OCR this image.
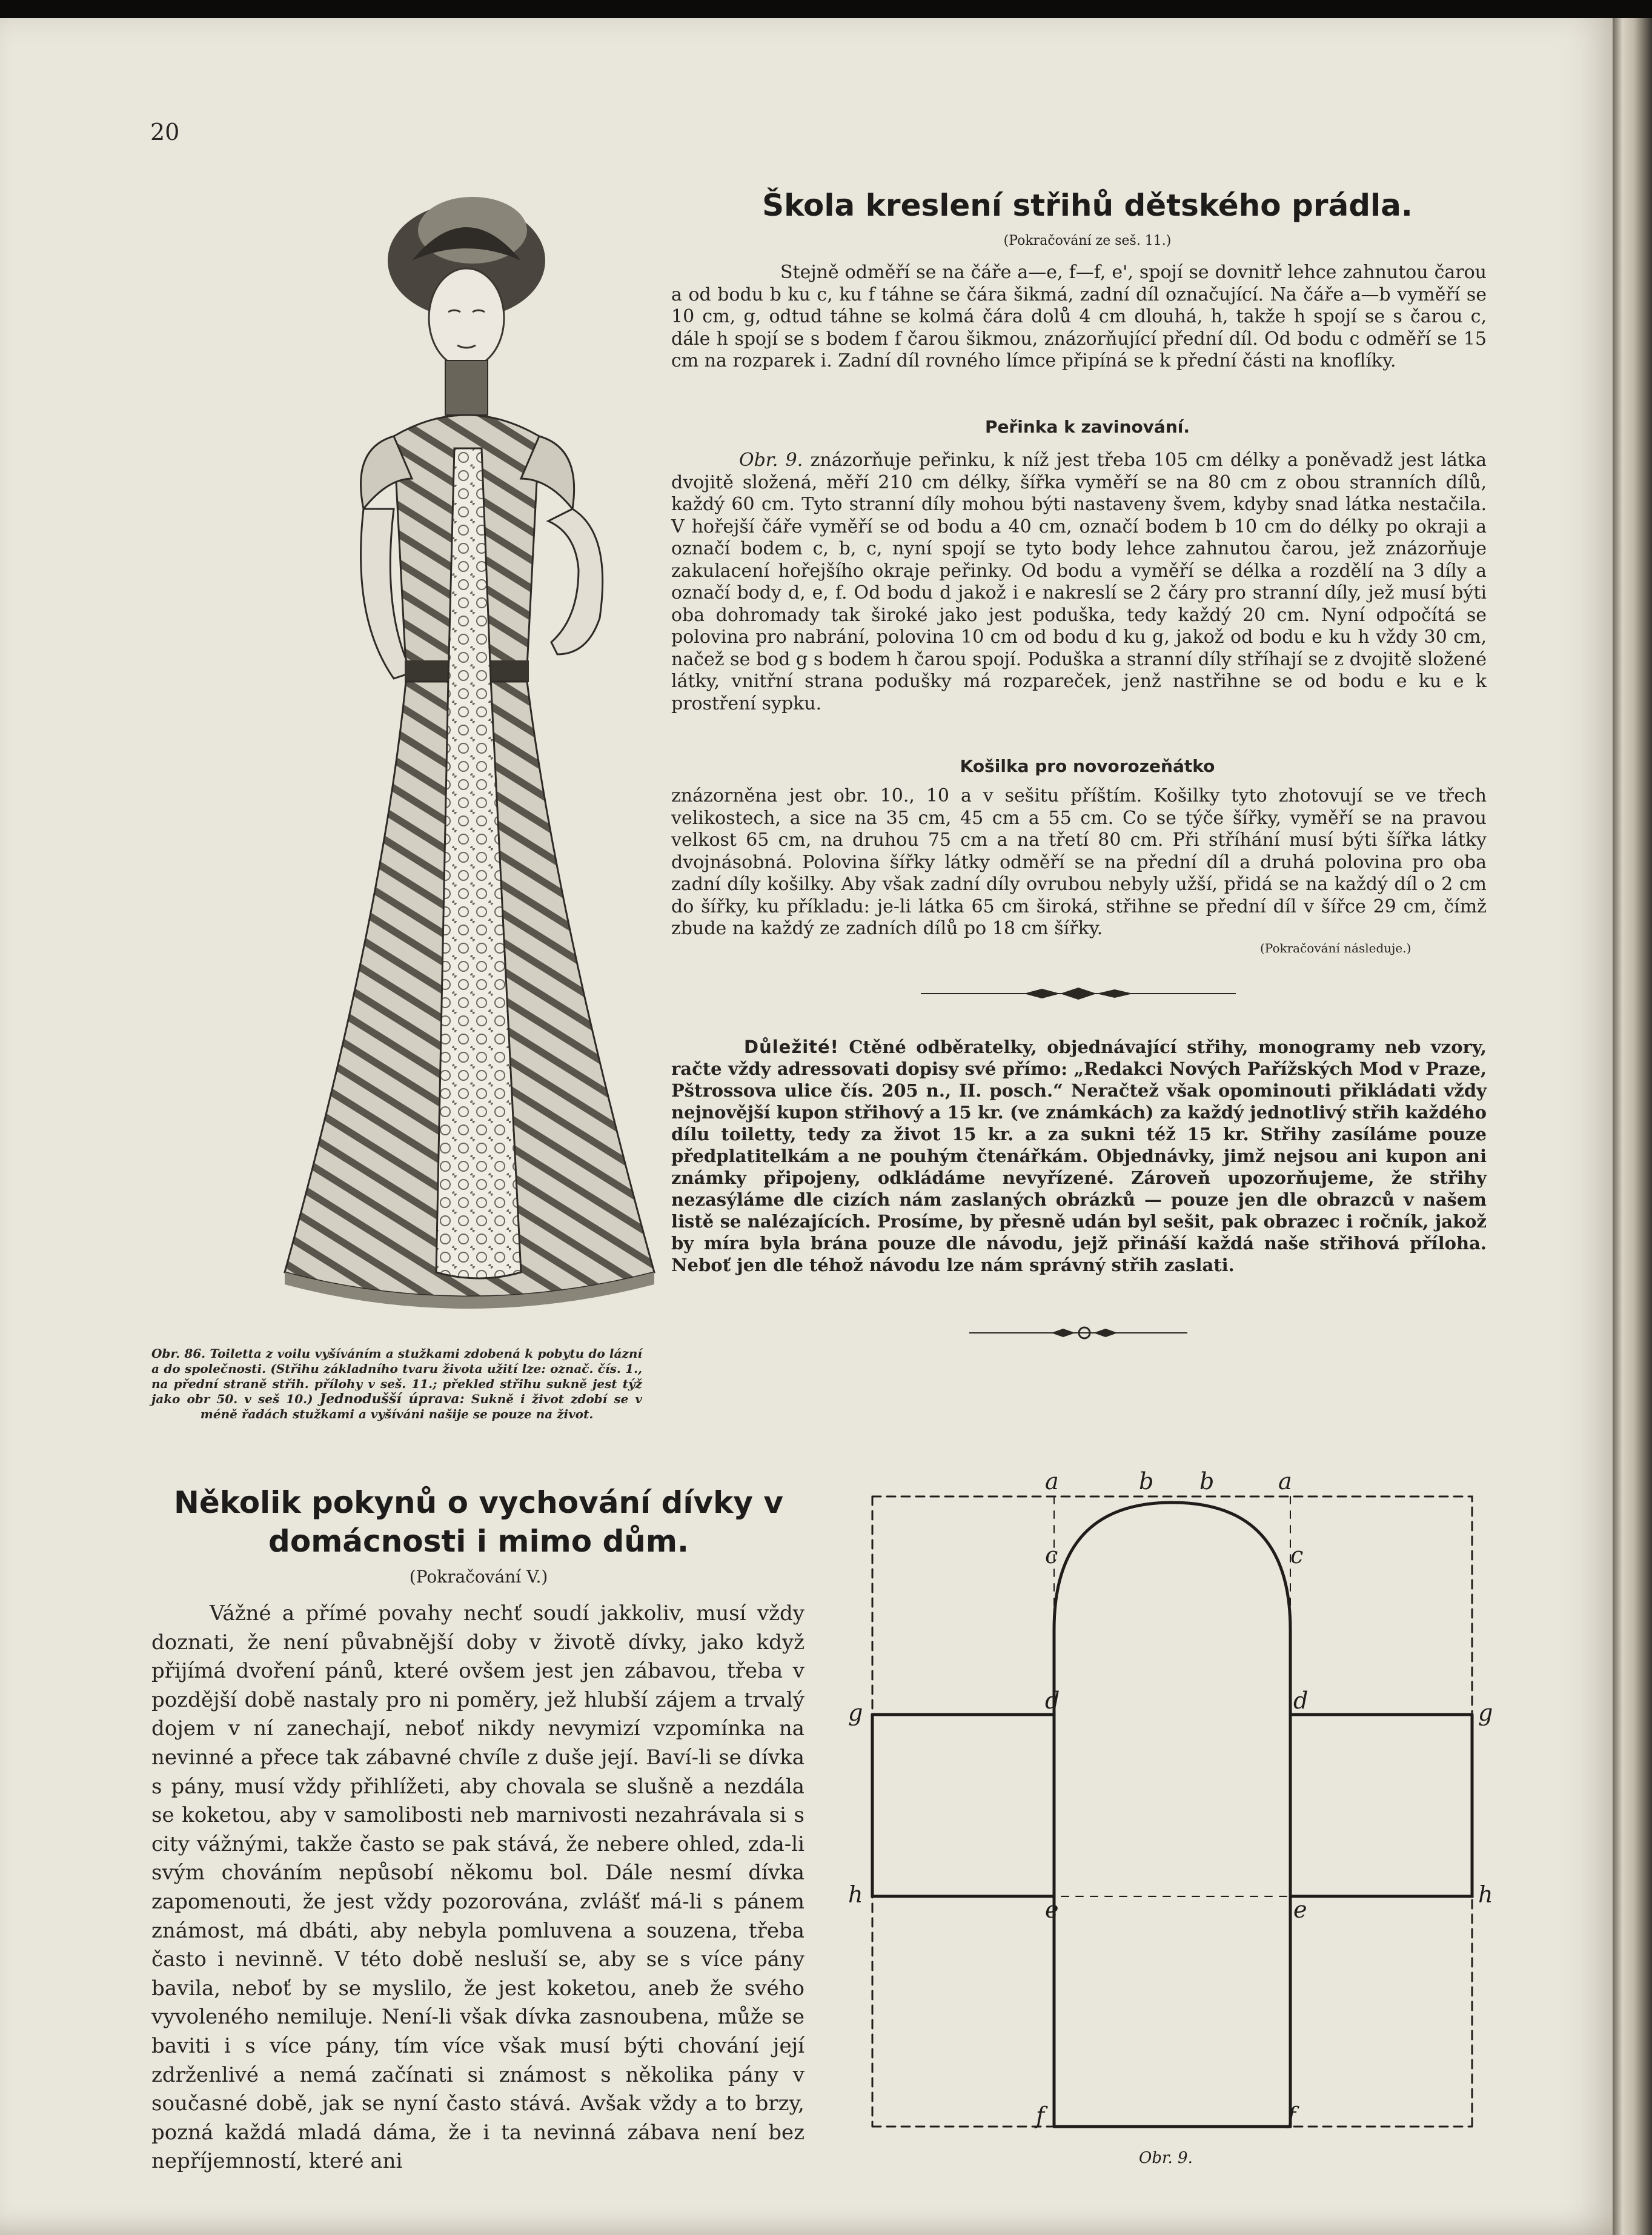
20
Škola kreslení střihů dětského prádla.
(Pokračování ze seš. 11.)
Stejně odměří se na čáře a—e, f—f, e', spojí se dovnitř lehce zahnutou čarou a od bodu b ku c, ku f táhne se čára šikmá, zadní díl označující. Na čáře a—b vyměří se 10 cm, g, odtud táhne se kolmá čára dolů 4 cm dlouhá, h, takže h spojí se s čarou c, dále h spojí se s bodem f čarou šikmou, znázorňující přední díl. Od bodu c odměří se 15 cm na rozparek i. Zadní díl rovného límce připíná se k přední části na knoflíky.
Peřinka k zavinování.
Obr. 9. znázorňuje peřinku, k níž jest třeba 105 cm délky a poněvadž jest látka dvojitě složená, měří 210 cm délky, šířka vyměří se na 80 cm z obou stranních dílů, každý 60 cm. Tyto stranní díly mohou býti nastaveny švem, kdyby snad látka nestačila. V hořejší čáře vyměří se od bodu a 40 cm, označí bodem b 10 cm do délky po okraji a označí bodem c, b, c, nyní spojí se tyto body lehce zahnutou čarou, jež znázorňuje zakulacení hořejšího okraje peřinky. Od bodu a vyměří se délka a rozdělí na 3 díly a označí body d, e, f. Od bodu d jakož i e nakreslí se 2 čáry pro stranní díly, jež musí býti oba dohromady tak široké jako jest poduška, tedy každý 20 cm. Nyní odpočítá se polovina pro nabrání, polovina 10 cm od bodu d ku g, jakož od bodu e ku h vždy 30 cm, načež se bod g s bodem h čarou spojí. Poduška a stranní díly stříhají se z dvojitě složené látky, vnitřní strana podušky má rozpareček, jenž nastřihne se od bodu e ku e k prostření sypku.
Košilka pro novorozeňátko
znázorněna jest obr. 10., 10 a v sešitu příštím. Košilky tyto zhotovují se ve třech velikostech, a sice na 35 cm, 45 cm a 55 cm. Co se týče šířky, vyměří se na pravou velkost 65 cm, na druhou 75 cm a na třetí 80 cm. Při stříhání musí býti šířka látky dvojnásobná. Polovina šířky látky odměří se na přední díl a druhá polovina pro oba zadní díly košilky. Aby však zadní díly ovrubou nebyly užší, přidá se na každý díl o 2 cm do šířky, ku příkladu: je-li látka 65 cm široká, střihne se přední díl v šířce 29 cm, čímž zbude na každý ze zadních dílů po 18 cm šířky.
(Pokračování následuje.)
Důležité! Ctěné odběratelky, objednávající střihy, monogramy neb vzory, račte vždy adressovati dopisy své přímo: „Redakci Nových Pařížských Mod v Praze, Pštrossova ulice čís. 205 n., II. posch.“ Neračtež však opominouti přikládati vždy nejnovější kupon střihový a 15 kr. (ve známkách) za každý jednotlivý střih každého dílu toiletty, tedy za život 15 kr. a za sukni též 15 kr. Střihy zasíláme pouze předplatitelkám a ne pouhým čtenářkám. Objednávky, jimž nejsou ani kupon ani známky připojeny, odkládáme nevyřízené. Zároveň upozorňujeme, že střihy nezasýláme dle cizích nám zaslaných obrázků — pouze jen dle obrazců v našem listě se nalézajících. Prosíme, by přesně udán byl sešit, pak obrazec i ročník, jakož by míra byla brána pouze dle návodu, jejž přináší každá naše střihová příloha. Neboť jen dle téhož návodu lze nám správný střih zaslati.
Obr. 86. Toiletta z voilu vyšíváním a stužkami zdobená k pobytu do lázní a do společnosti. (Střihu základního tvaru života užití lze: označ. čís. 1., na přední straně střih. přílohy v seš. 11.; překled střihu sukně jest týž jako obr 50. v seš 10.) Jednodušší úprava: Sukně i život zdobí se v méně řadách stužkami a vyšíváni našije se pouze na život.
Několik pokynů o vychování dívky v domácnosti i mimo dům.
(Pokračování V.)
Vážné a přímé povahy nechť soudí jakkoliv, musí vždy doznati, že není půvabnější doby v životě dívky, jako když přijímá dvoření pánů, které ovšem jest jen zábavou, třeba v pozdější době nastaly pro ni poměry, jež hlubší zájem a trvalý dojem v ní zanechají, neboť nikdy nevymizí vzpomínka na nevinné a přece tak zábavné chvíle z duše její. Baví-li se dívka s pány, musí vždy přihlížeti, aby chovala se slušně a nezdála se koketou, aby v samolibosti neb marnivosti nezahrávala si s city vážnými, takže často se pak stává, že nebere ohled, zda-li svým chováním nepůsobí někomu bol. Dále nesmí dívka zapomenouti, že jest vždy pozorována, zvlášť má-li s pánem známost, má dbáti, aby nebyla pomluvena a souzena, třeba často i nevinně. V této době nesluší se, aby se s více pány bavila, neboť by se myslilo, že jest koketou, aneb že svého vyvoleného nemiluje. Není-li však dívka zasnoubena, může se baviti i s více pány, tím více však musí býti chování její zdrženlivé a nemá začínati si známost s několika pány v současné době, jak se nyní často stává. Avšak vždy a to brzy, pozná každá mladá dáma, že i ta nevinná zábava není bez nepříjemností, které ani
a	b b	a
c	c
d	d
g	g
e	e
h	h
f	f
Obr. 9.
